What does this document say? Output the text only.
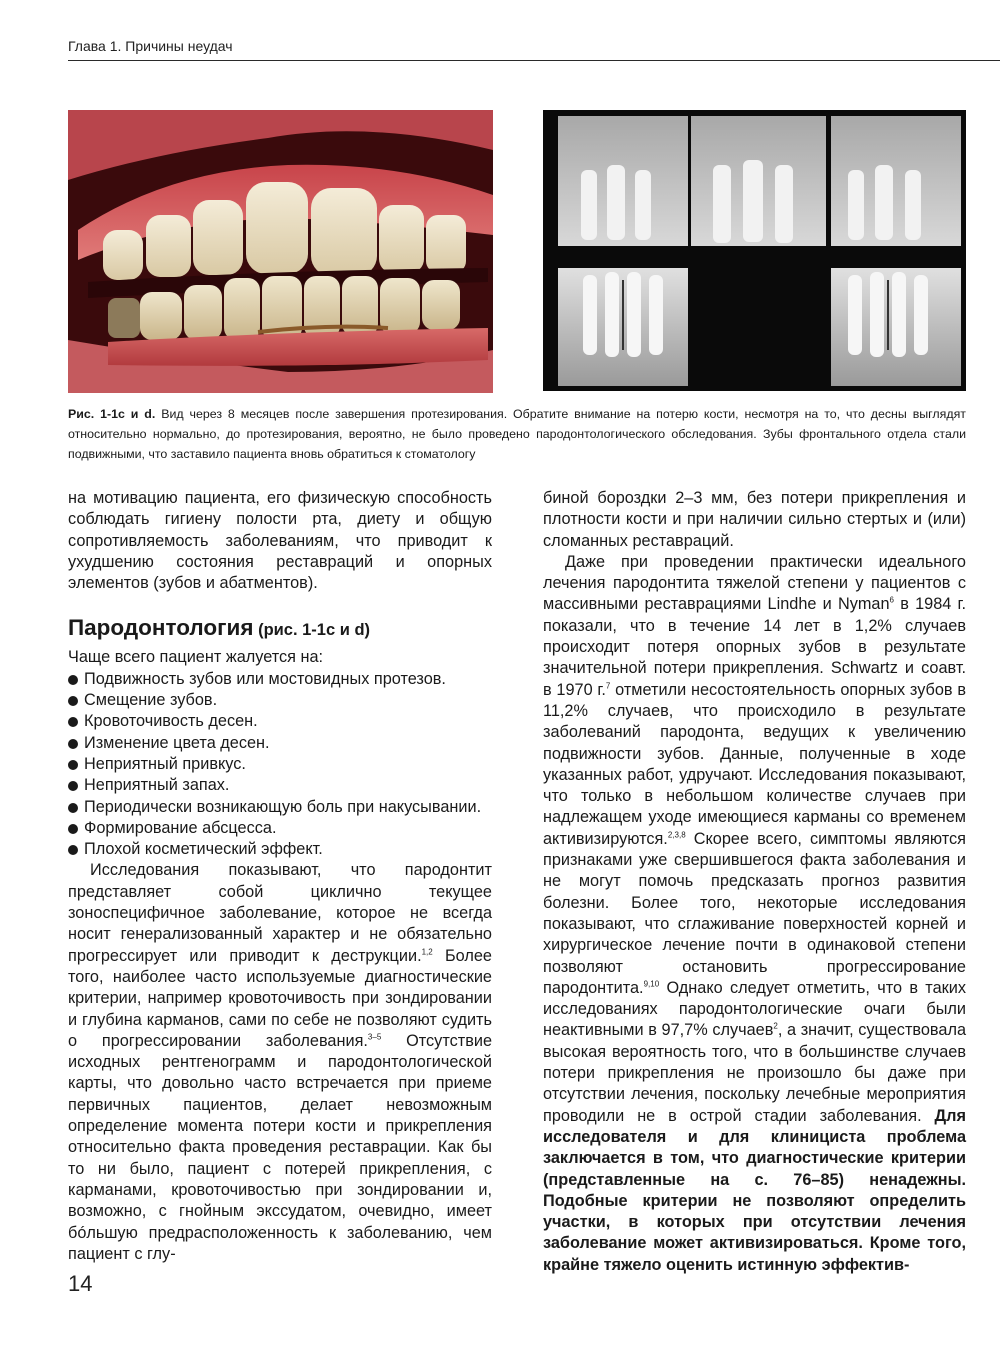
Глава 1. Причины неудач
Рис. 1-1c и d. Вид через 8 месяцев после завершения протезирования. Обратите внимание на потерю кости, несмотря на то, что десны выглядят относительно нормально, до протезирования, вероятно, не было проведено пародонтологического обследования. Зубы фронтального отдела стали подвижными, что заставило пациента вновь обратиться к стоматологу

на мотивацию пациента, его физическую способность соблюдать гигиену полости рта, диету и общую сопротивляемость заболеваниям, что приводит к ухудшению состояния реставраций и опорных элементов (зубов и абатментов).

Пародонтология (рис. 1-1c и d)

Чаще всего пациент жалуется на:

Подвижность зубов или мостовидных протезов.
Смещение зубов.
Кровоточивость десен.
Изменение цвета десен.
Неприятный привкус.
Неприятный запах.
Периодически возникающую боль при накусывании.
Формирование абсцесса.
Плохой косметический эффект.

Исследования показывают, что пародонтит представляет собой циклично текущее зоноспецифичное заболевание, которое не всегда носит генерализованный характер и не обязательно прогрессирует или приводит к деструкции.$^{1,2}$ Более того, наиболее часто используемые диагностические критерии, например кровоточивость при зондировании и глубина карманов, сами по себе не позволяют судить о прогрессировании заболевания.$^{3-5}$ Отсутствие исходных рентгенограмм и пародонтологической карты, что довольно часто встречается при приеме первичных пациентов, делает невозможным определение момента потери кости и прикрепления относительно факта проведения реставрации. Как бы то ни было, пациент с потерей прикрепления, с карманами, кровоточивостью при зондировании и, возможно, с гнойным экссудатом, очевидно, имеет бóльшую предрасположенность к заболеванию, чем пациент с глу-

биной бороздки 2–3 мм, без потери прикрепления и плотности кости и при наличии сильно стертых и (или) сломанных реставраций.

Даже при проведении практически идеального лечения пародонтита тяжелой степени у пациентов с массивными реставрациями Lindhe и Nyman$^6$ в 1984 г. показали, что в течение 14 лет в 1,2% случаев происходит потеря опорных зубов в результате значительной потери прикрепления. Schwartz и соавт. в 1970 г.$^7$ отметили несостоятельность опорных зубов в 11,2% случаев, что происходило в результате заболеваний пародонта, ведущих к увеличению подвижности зубов. Данные, полученные в ходе указанных работ, удручают. Исследования показывают, что только в небольшом количестве случаев при надлежащем уходе имеющиеся карманы со временем активизируются.$^{2,3,8}$ Скорее всего, симптомы являются признаками уже свершившегося факта заболевания и не могут помочь предсказать прогноз развития болезни. Более того, некоторые исследования показывают, что сглаживание поверхностей корней и хирургическое лечение почти в одинаковой степени позволяют остановить прогрессирование пародонтита.$^{9,10}$ Однако следует отметить, что в таких исследованиях пародонтологические очаги были неактивными в 97,7% случаев$^2$, а значит, существовала высокая вероятность того, что в большинстве случаев потери прикрепления не произошло бы даже при отсутствии лечения, поскольку лечебные мероприятия проводили не в острой стадии заболевания. Для исследователя и для клинициста проблема заключается в том, что диагностические критерии (представленные на с. 76–85) ненадежны. Подобные критерии не позволяют определить участки, в которых при отсутствии лечения заболевание может активизироваться. Кроме того, крайне тяжело оценить истинную эффектив-

14
